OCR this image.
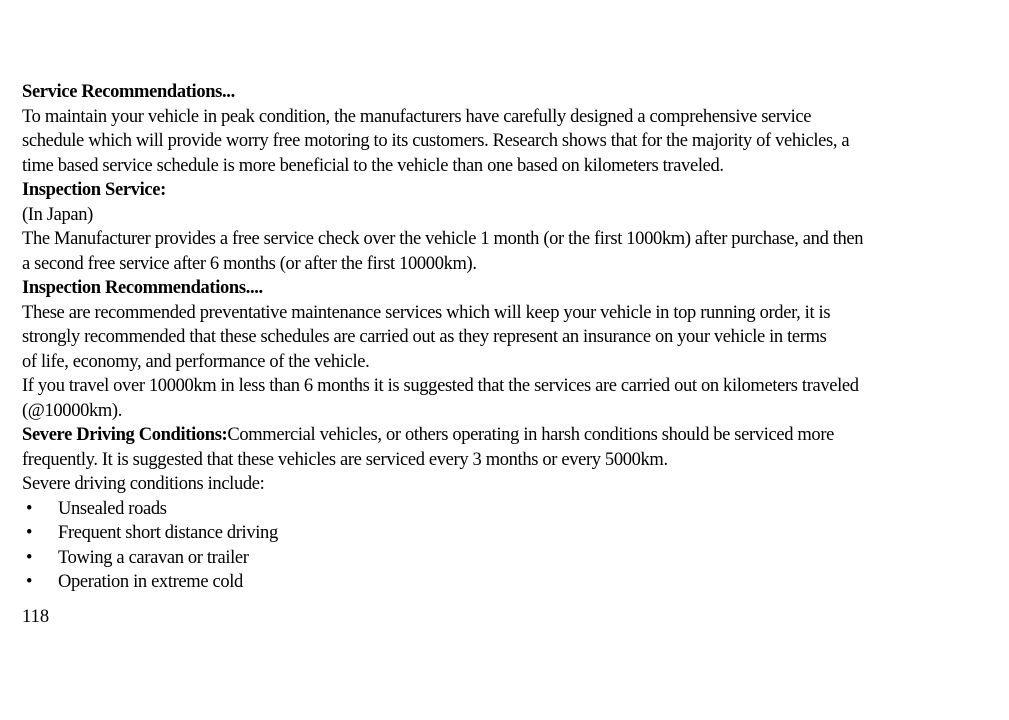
Service Recommendations...
To maintain your vehicle in peak condition, the manufacturers have carefully designed a comprehensive service
schedule which will provide worry free motoring to its customers. Research shows that for the majority of vehicles, a
time based service schedule is more beneficial to the vehicle than one based on kilometers traveled.
Inspection Service:
(In Japan)
The Manufacturer provides a free service check over the vehicle 1 month (or the first 1000km) after purchase, and then
a second free service after 6 months (or after the first 10000km).
Inspection Recommendations....
These are recommended preventative maintenance services which will keep your vehicle in top running order, it is
strongly recommended that these schedules are carried out as they represent an insurance on your vehicle in terms
of life, economy, and performance of the vehicle.
If you travel over 10000km in less than 6 months it is suggested that the services are carried out on kilometers traveled
(@10000km).
Severe Driving Conditions:Commercial vehicles, or others operating in harsh conditions should be serviced more
frequently. It is suggested that these vehicles are serviced every 3 months or every 5000km.
Severe driving conditions include:
• Unsealed roads
• Frequent short distance driving
• Towing a caravan or trailer
• Operation in extreme cold
118
